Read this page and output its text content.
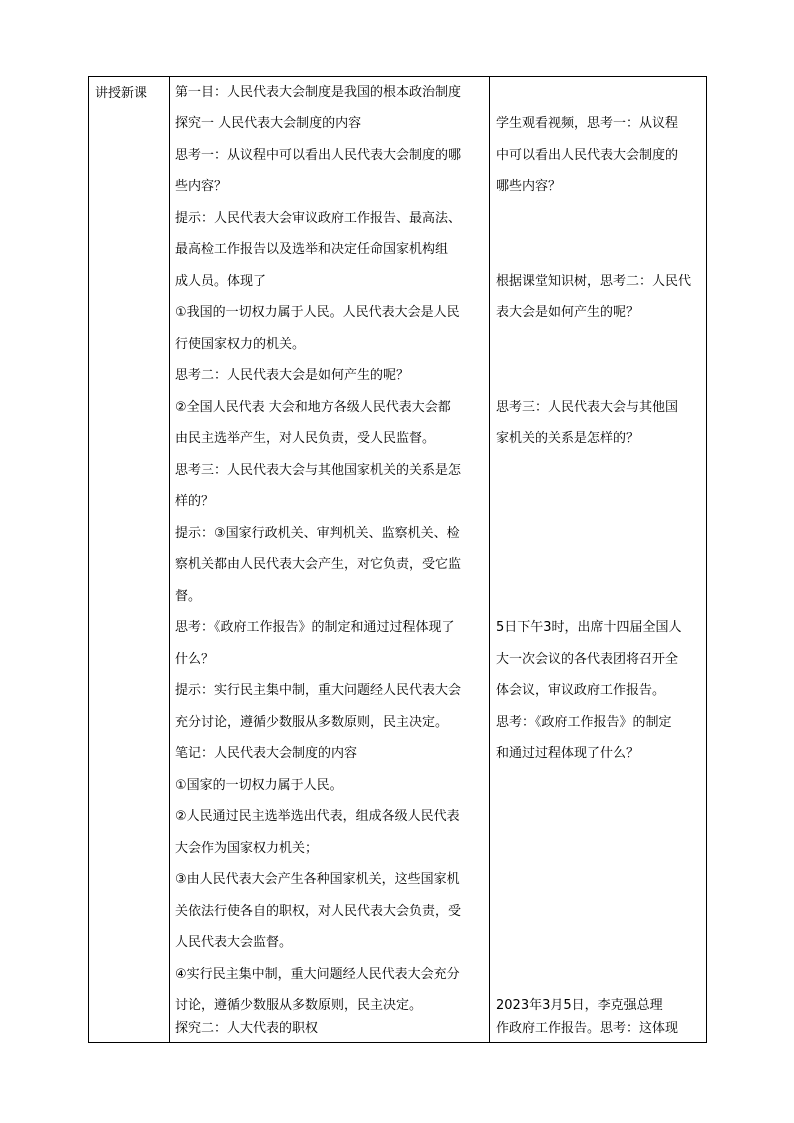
讲授新课 第一目：人民代表大会制度是我国的根本政治制度
探究一 人民代表大会制度的内容
思考一：从议程中可以看出人民代表大会制度的哪
些内容？
提示：人民代表大会审议政府工作报告、最高法、
最高检工作报告以及选举和决定任命国家机构组
成人员。体现了
①我国的一切权力属于人民。人民代表大会是人民
行使国家权力的机关。
思考二：人民代表大会是如何产生的呢？
②全国人民代表 大会和地方各级人民代表大会都
由民主选举产生，对人民负责，受人民监督。
思考三：人民代表大会与其他国家机关的关系是怎
样的？
提示：③国家行政机关、审判机关、监察机关、检
察机关都由人民代表大会产生，对它负责，受它监
督。
思考：《政府工作报告》的制定和通过过程体现了
什么？
提示：实行民主集中制，重大问题经人民代表大会
充分讨论，遵循少数服从多数原则，民主决定。
笔记：人民代表大会制度的内容
①国家的一切权力属于人民。
②人民通过民主选举选出代表，组成各级人民代表
大会作为国家权力机关；
③由人民代表大会产生各种国家机关，这些国家机
关依法行使各自的职权，对人民代表大会负责，受
人民代表大会监督。
④实行民主集中制，重大问题经人民代表大会充分
讨论，遵循少数服从多数原则，民主决定。
探究二：人大代表的职权
学生观看视频，思考一：从议程
中可以看出人民代表大会制度的
哪些内容？
根据课堂知识树，思考二：人民代
表大会是如何产生的呢？
思考三：人民代表大会与其他国
家机关的关系是怎样的？
5日下午3时，出席十四届全国人
大一次会议的各代表团将召开全
体会议，审议政府工作报告。
思考：《政府工作报告》的制定
和通过过程体现了什么？
2023年3月5日，李克强总理
作政府工作报告。思考：这体现
